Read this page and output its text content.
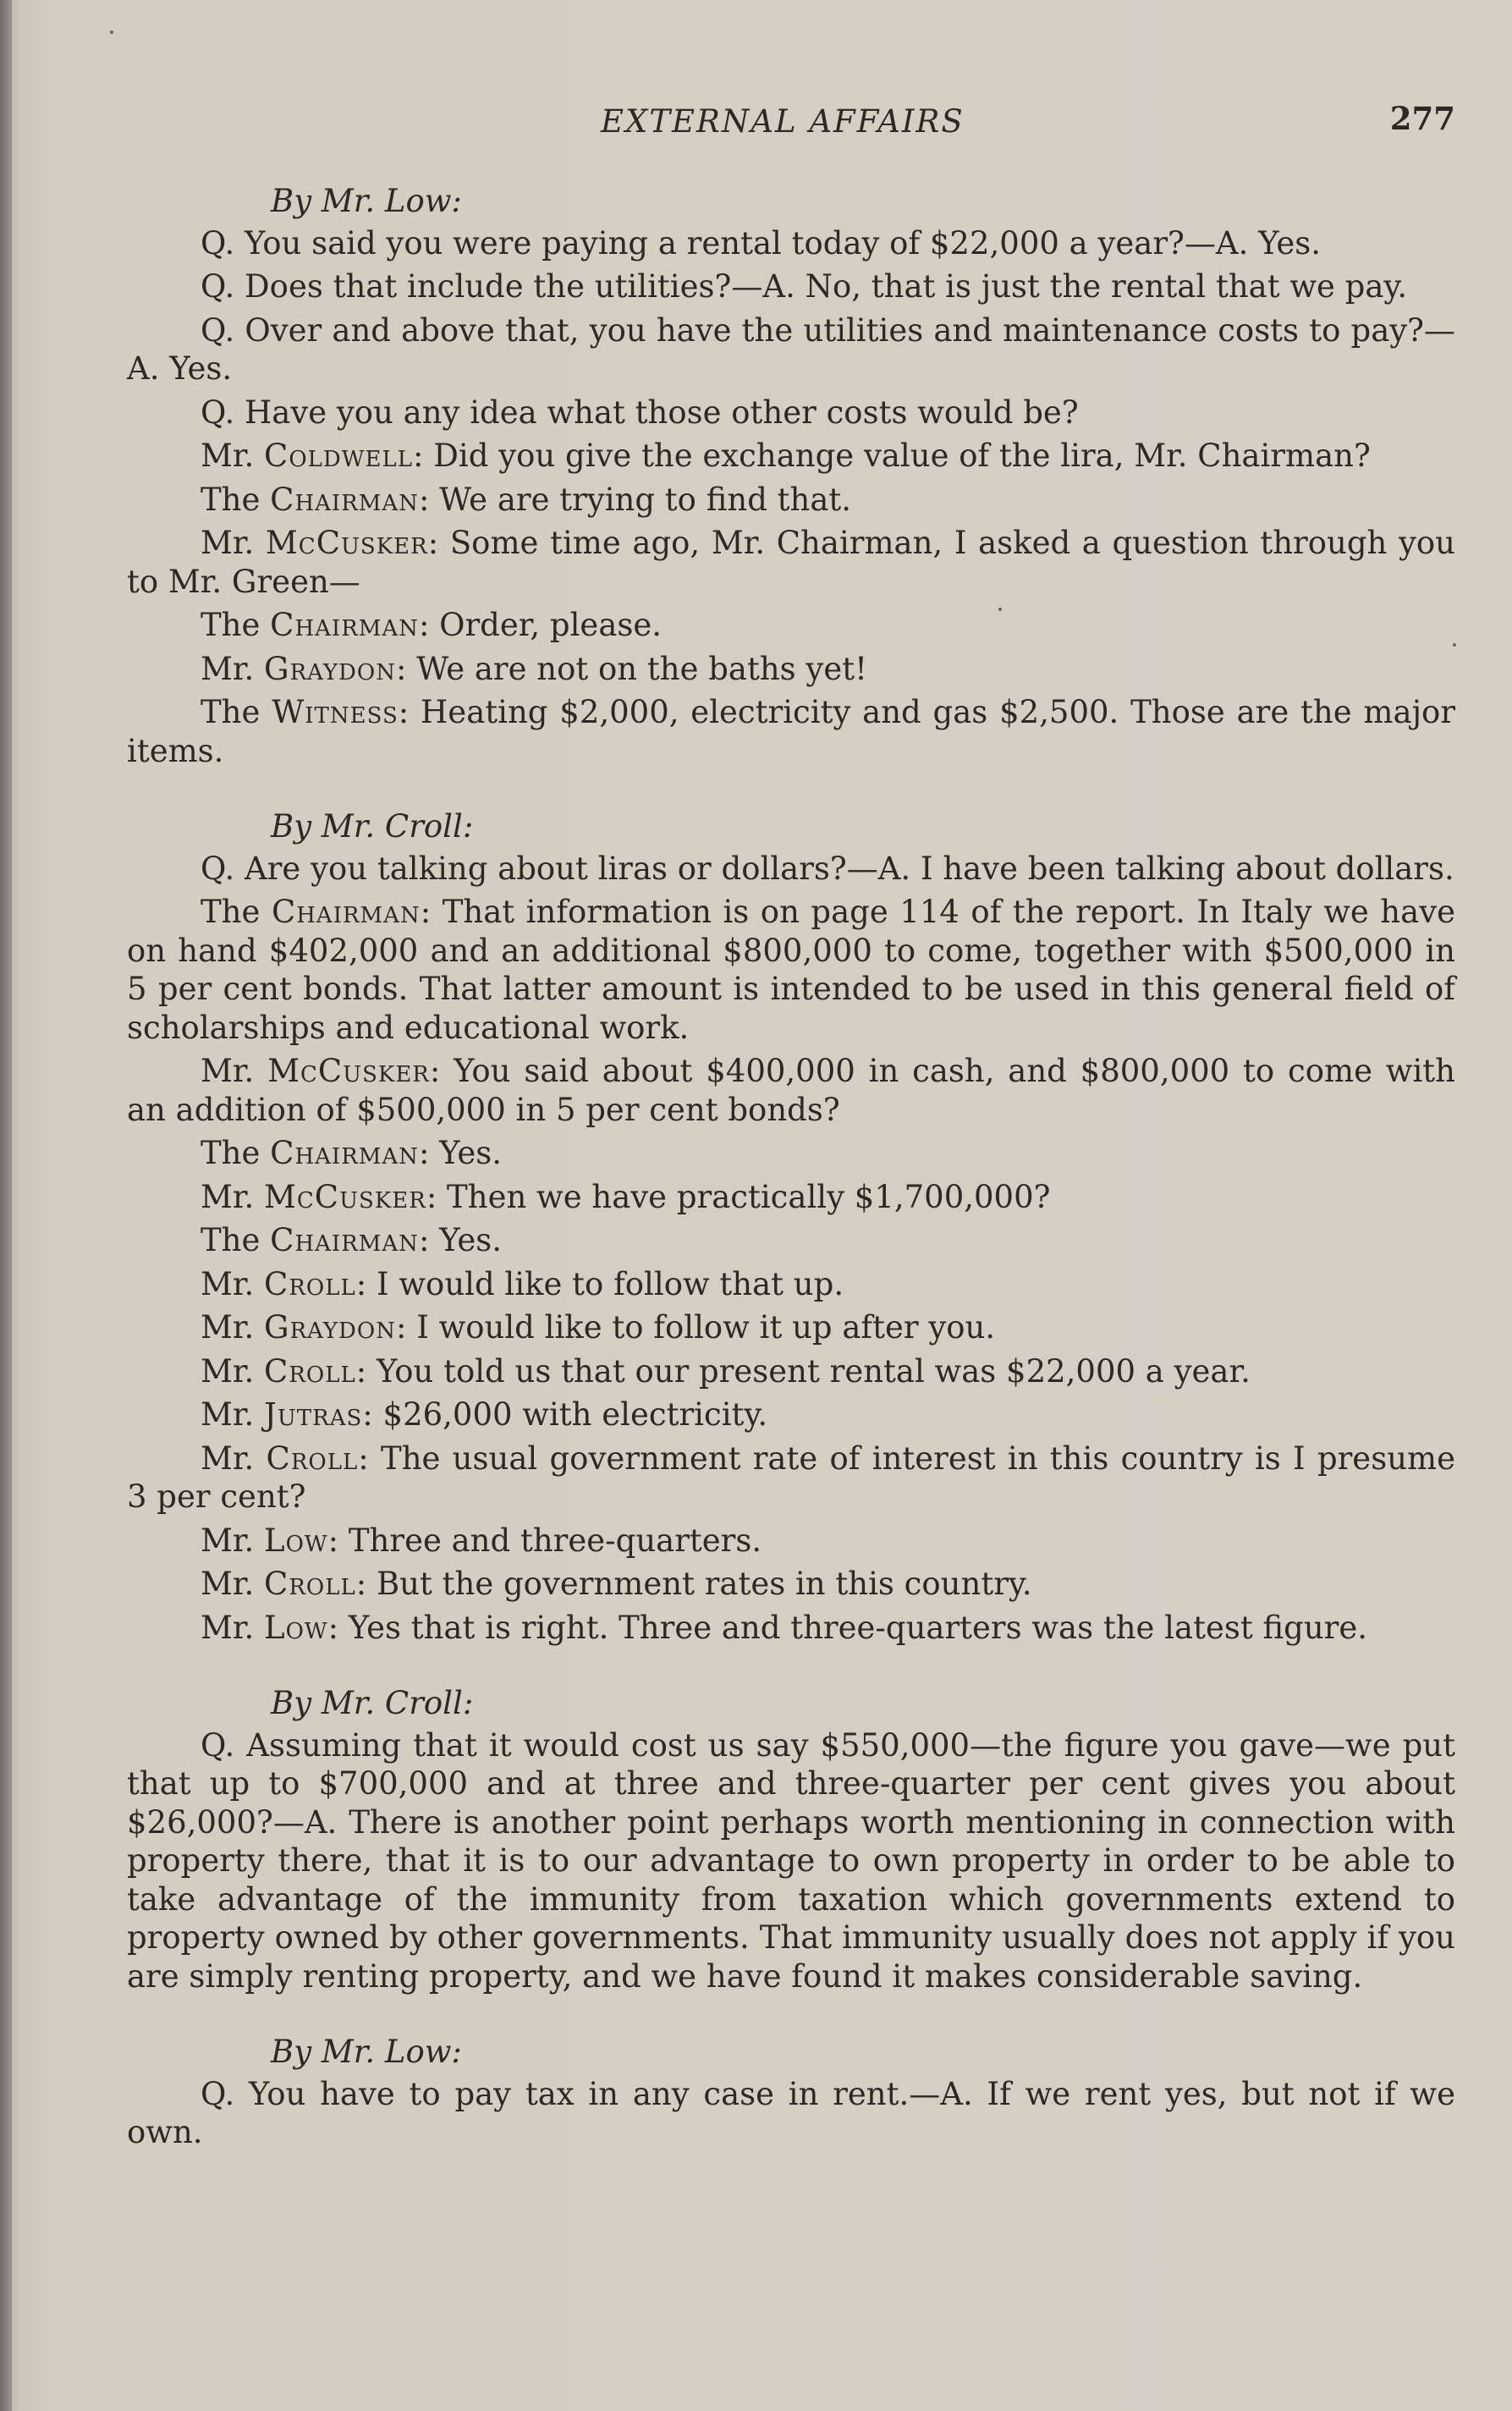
EXTERNAL AFFAIRS	277

By Mr. Low:

Q. You said you were paying a rental today of $22,000 a year?—A. Yes.

Q. Does that include the utilities?—A. No, that is just the rental that we pay.

Q. Over and above that, you have the utilities and maintenance costs to pay?—A. Yes.

Q. Have you any idea what those other costs would be?

Mr. Coldwell: Did you give the exchange value of the lira, Mr. Chairman?

The Chairman: We are trying to find that.

Mr. McCusker: Some time ago, Mr. Chairman, I asked a question through you to Mr. Green—

The Chairman: Order, please.

Mr. Graydon: We are not on the baths yet!

The Witness: Heating $2,000, electricity and gas $2,500. Those are the major items.

By Mr. Croll:

Q. Are you talking about liras or dollars?—A. I have been talking about dollars.

The Chairman: That information is on page 114 of the report. In Italy we have on hand $402,000 and an additional $800,000 to come, together with $500,000 in 5 per cent bonds. That latter amount is intended to be used in this general field of scholarships and educational work.

Mr. McCusker: You said about $400,000 in cash, and $800,000 to come with an addition of $500,000 in 5 per cent bonds?

The Chairman: Yes.

Mr. McCusker: Then we have practically $1,700,000?

The Chairman: Yes.

Mr. Croll: I would like to follow that up.

Mr. Graydon: I would like to follow it up after you.

Mr. Croll: You told us that our present rental was $22,000 a year.

Mr. Jutras: $26,000 with electricity.

Mr. Croll: The usual government rate of interest in this country is I presume 3 per cent?

Mr. Low: Three and three-quarters.

Mr. Croll: But the government rates in this country.

Mr. Low: Yes that is right. Three and three-quarters was the latest figure.

By Mr. Croll:

Q. Assuming that it would cost us say $550,000—the figure you gave—we put that up to $700,000 and at three and three-quarter per cent gives you about $26,000?—A. There is another point perhaps worth mentioning in connection with property there, that it is to our advantage to own property in order to be able to take advantage of the immunity from taxation which governments extend to property owned by other governments. That immunity usually does not apply if you are simply renting property, and we have found it makes considerable saving.

By Mr. Low:

Q. You have to pay tax in any case in rent.—A. If we rent yes, but not if we own.
